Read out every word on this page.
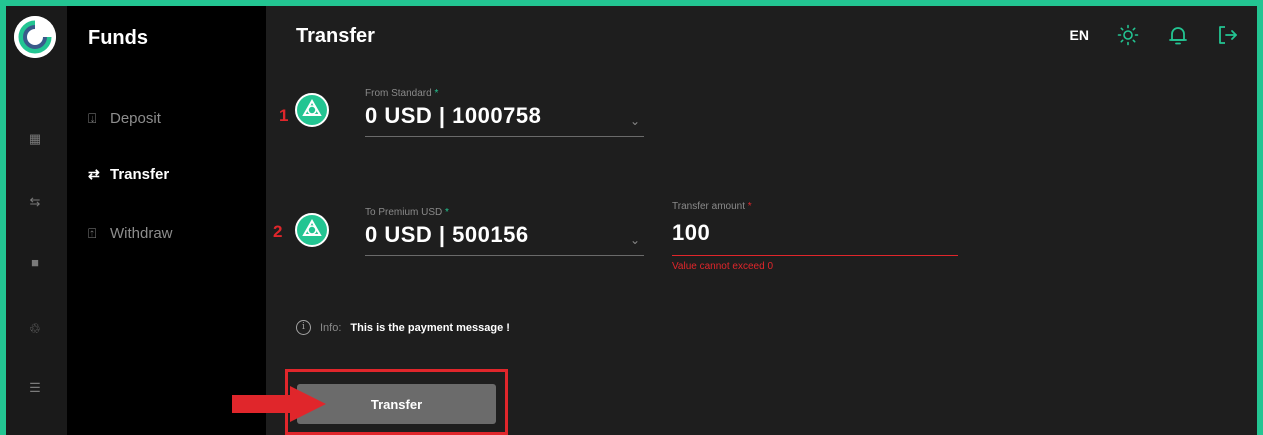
▦
⇆
■
♲
☰
Funds
⍗ Deposit
⇄ Transfer
⍐ Withdraw
Transfer	EN
1
From Standard *
0 USD | 1000758	⌄
2
To Premium USD *
0 USD | 500156	⌄
Transfer amount *
100
Value cannot exceed 0
i	Info: This is the payment message !
Transfer
